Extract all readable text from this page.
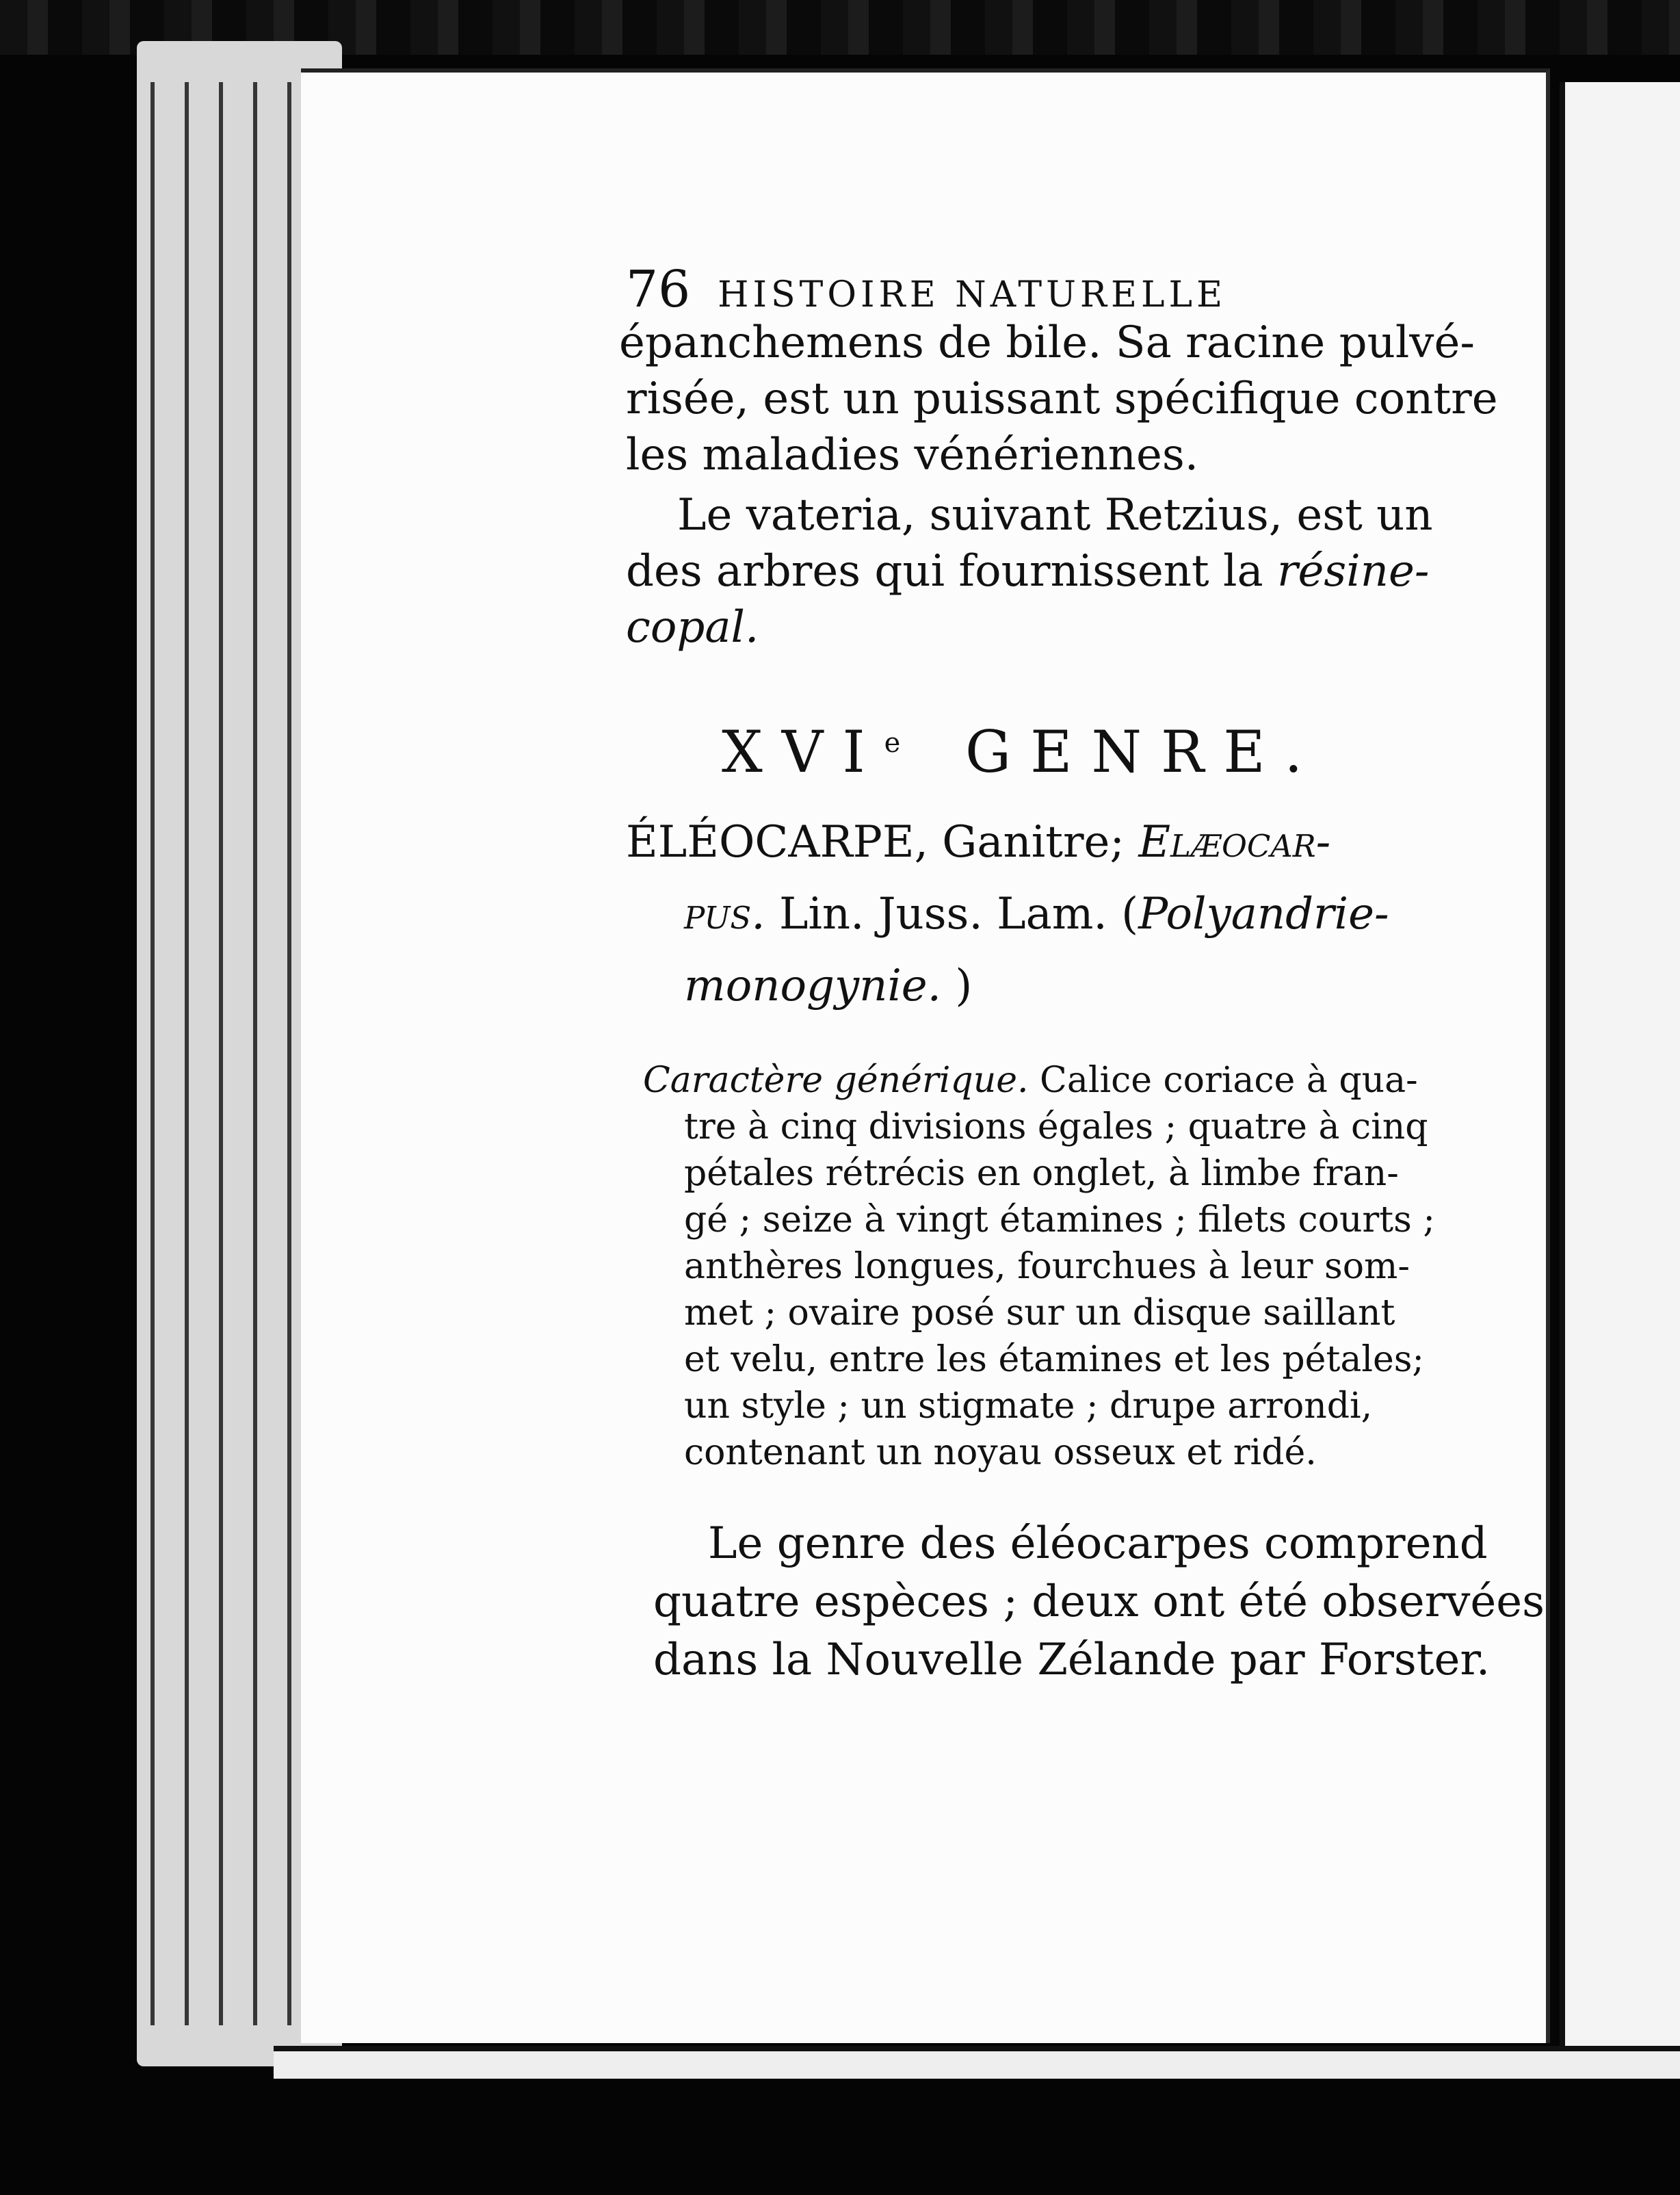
76 HISTOIRE NATURELLE
épanchemens de bile. Sa racine pulvé-
risée, est un puissant spécifique contre
les maladies vénériennes.
Le vateria, suivant Retzius, est un
des arbres qui fournissent la résine-
copal.
XVIe GENRE.
ÉLÉOCARPE, Ganitre; Elæocar-
pus. Lin. Juss. Lam. (Polyandrie-
monogynie. )
Caractère générique. Calice coriace à qua-
tre à cinq divisions égales ; quatre à cinq
pétales rétrécis en onglet, à limbe fran-
gé ; seize à vingt étamines ; filets courts ;
anthères longues, fourchues à leur som-
met ; ovaire posé sur un disque saillant
et velu, entre les étamines et les pétales;
un style ; un stigmate ; drupe arrondi,
contenant un noyau osseux et ridé.
Le genre des éléocarpes comprend
quatre espèces ; deux ont été observées
dans la Nouvelle Zélande par Forster.
